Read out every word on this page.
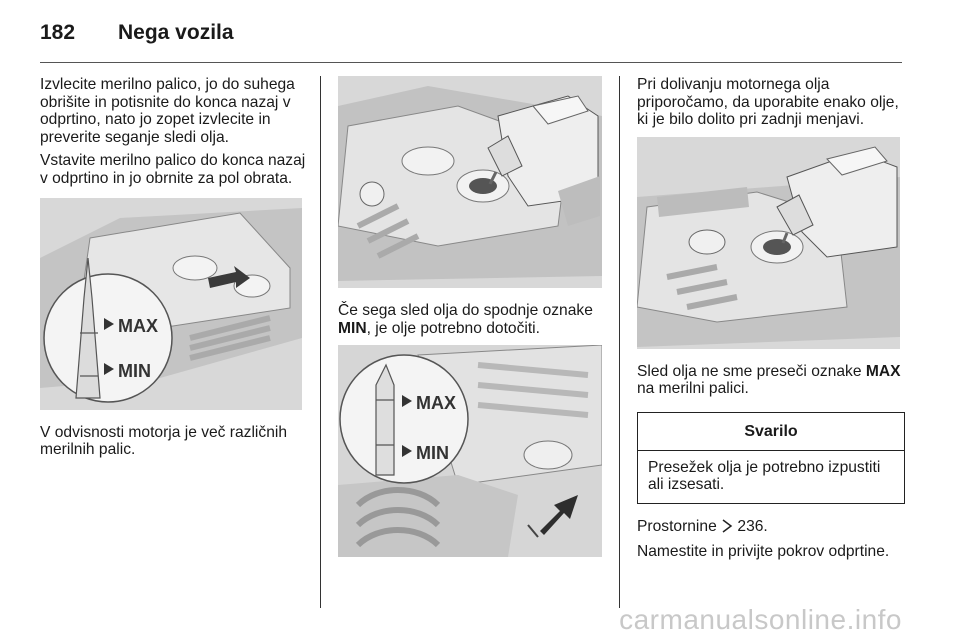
182	Nega vozila

Izvlecite merilno palico, jo do suhega obrišite in potisnite do konca nazaj v odprtino, nato jo zopet izvlecite in preverite seganje sledi olja.

Vstavite merilno palico do konca nazaj v odprtino in jo obrnite za pol obrata.

MAX
MIN

V odvisnosti motorja je več različnih merilnih palic.

Če sega sled olja do spodnje oznake MIN, je olje potrebno dotočiti.

MAX
MIN

Pri dolivanju motornega olja priporočamo, da uporabite enako olje, ki je bilo dolito pri zadnji menjavi.

Sled olja ne sme preseči oznake MAX na merilni palici.

Svarilo
Presežek olja je potrebno izpustiti ali izsesati.

Prostornine  236.

Namestite in privijte pokrov odprtine.

carmanualsonline.info
